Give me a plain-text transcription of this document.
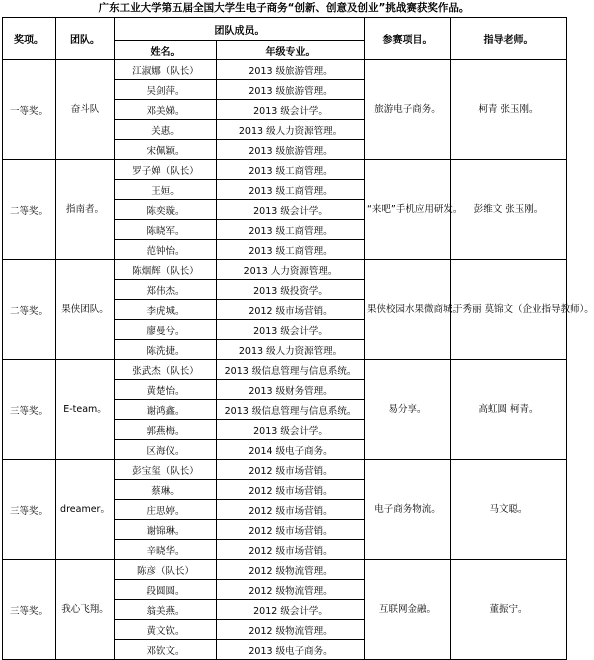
广东工业大学第五届全国大学生电子商务“创新、创意及创业”挑战赛获奖作品。
奖项。	团队。	团队成员。		参赛项目。	指导老师。
		姓名。	年级专业。		
一等奖。	奋斗队	江淑娜（队长）	2013 级旅游管理。	旅游电子商务。	柯青 张玉刚。
		吴剑萍。	2013 级旅游管理。		
		邓美娣。	2013 级会计学。		
		关惠。	2013 级人力资源管理。		
		宋佩颖。	2013 级旅游管理。		
二等奖。	指南者。	罗子婵（队长）	2013 级工商管理。	“来吧”手机应用研发。	彭维文 张玉刚。
		王姮。	2013 级工商管理。		
		陈奕璇。	2013 级会计学。		
		陈晓军。	2013 级工商管理。		
		范钟怡。	2013 级工商管理。		
二等奖。	果侠团队。	陈烟辉（队长）	2013 人力资源管理。	果侠校园水果微商城。	于秀丽 莫锦文（企业指导教师）。
		郑伟杰。	2013 级投资学。		
		李虎城。	2012 级市场营销。		
		廖曼兮。	2013 级会计学。		
		陈洗捷。	2013 级人力资源管理。		
三等奖。	E-team。	张武杰（队长）	2013 级信息管理与信息系统。	易分享。	高虹圆 柯青。
		黄楚怡。	2013 级财务管理。		
		谢鸿鑫。	2013 级信息管理与信息系统。		
		郭燕梅。	2013 级会计学。		
		区海仪。	2014 级电子商务。		
三等奖。	dreamer。	彭宝玺（队长）	2012 级市场营销。	电子商务物流。	马文聪。
		蔡琳。	2012 级市场营销。		
		庄思婷。	2012 级市场营销。		
		谢锦琳。	2012 级市场营销。		
		辛晓华。	2012 级市场营销。		
三等奖。	我心飞翔。	陈彦（队长）	2012 级物流管理。	互联网金融。	董振宁。
		段圆圆。	2012 级物流管理。		
		翁美燕。	2012 级会计学。		
		黄文钦。	2012 级物流管理。		
		邓钦文。	2013 级电子商务。		
